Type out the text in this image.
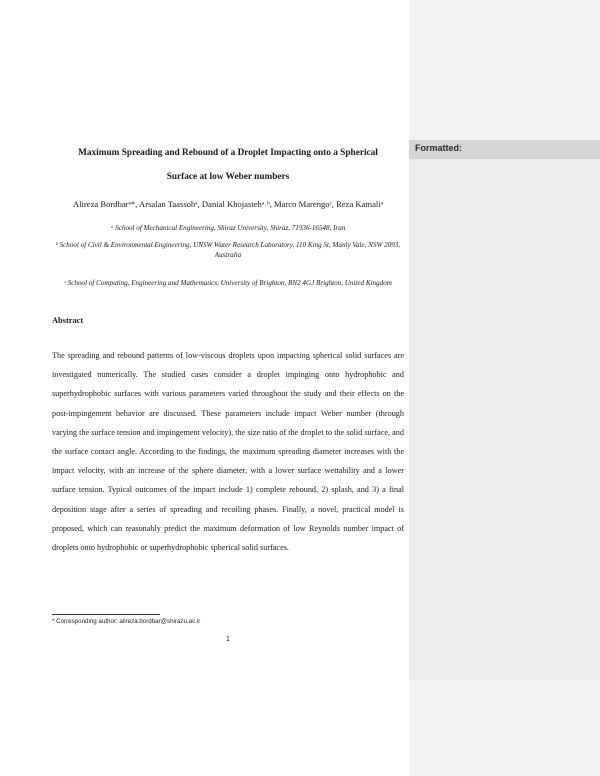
Maximum Spreading and Rebound of a Droplet Impacting onto a Spherical
Surface at low Weber numbers
Alireza Bordbarᵃ*, Arsalan Taassobᵃ, Danial Khojastehᵃ˒ᵇ, Marco Marengoᶜ, Reza Kamaliᵃ
ᵃ School of Mechanical Engineering, Shiraz University, Shiraz, 71936-16548, Iran
ᵇ School of Civil & Environmental Engineering, UNSW Water Research Laboratory, 110 King St, Manly Vale, NSW 2093, Australia
ᶜ School of Computing, Engineering and Mathematics, University of Brighton, BN2 4GJ Brighton, United Kingdom
Abstract
The spreading and rebound patterns of low-viscous droplets upon impacting spherical solid surfaces are investigated numerically. The studied cases consider a droplet impinging onto hydrophobic and superhydrophobic surfaces with various parameters varied throughout the study and their effects on the post-impingement behavior are discussed. These parameters include impact Weber number (through varying the surface tension and impingement velocity), the size ratio of the droplet to the solid surface, and the surface contact angle. According to the findings, the maximum spreading diameter increases with the impact velocity, with an increase of the sphere diameter, with a lower surface wettability and a lower surface tension. Typical outcomes of the impact include 1) complete rebound, 2) splash, and 3) a final deposition stage after a series of spreading and recoiling phases. Finally, a novel, practical model is proposed, which can reasonably predict the maximum deformation of low Reynolds number impact of droplets onto hydrophobic or superhydrophobic spherical solid surfaces.
* Corresponding author: alireza.bordbar@shirazu.ac.ir
1
Formatted:
